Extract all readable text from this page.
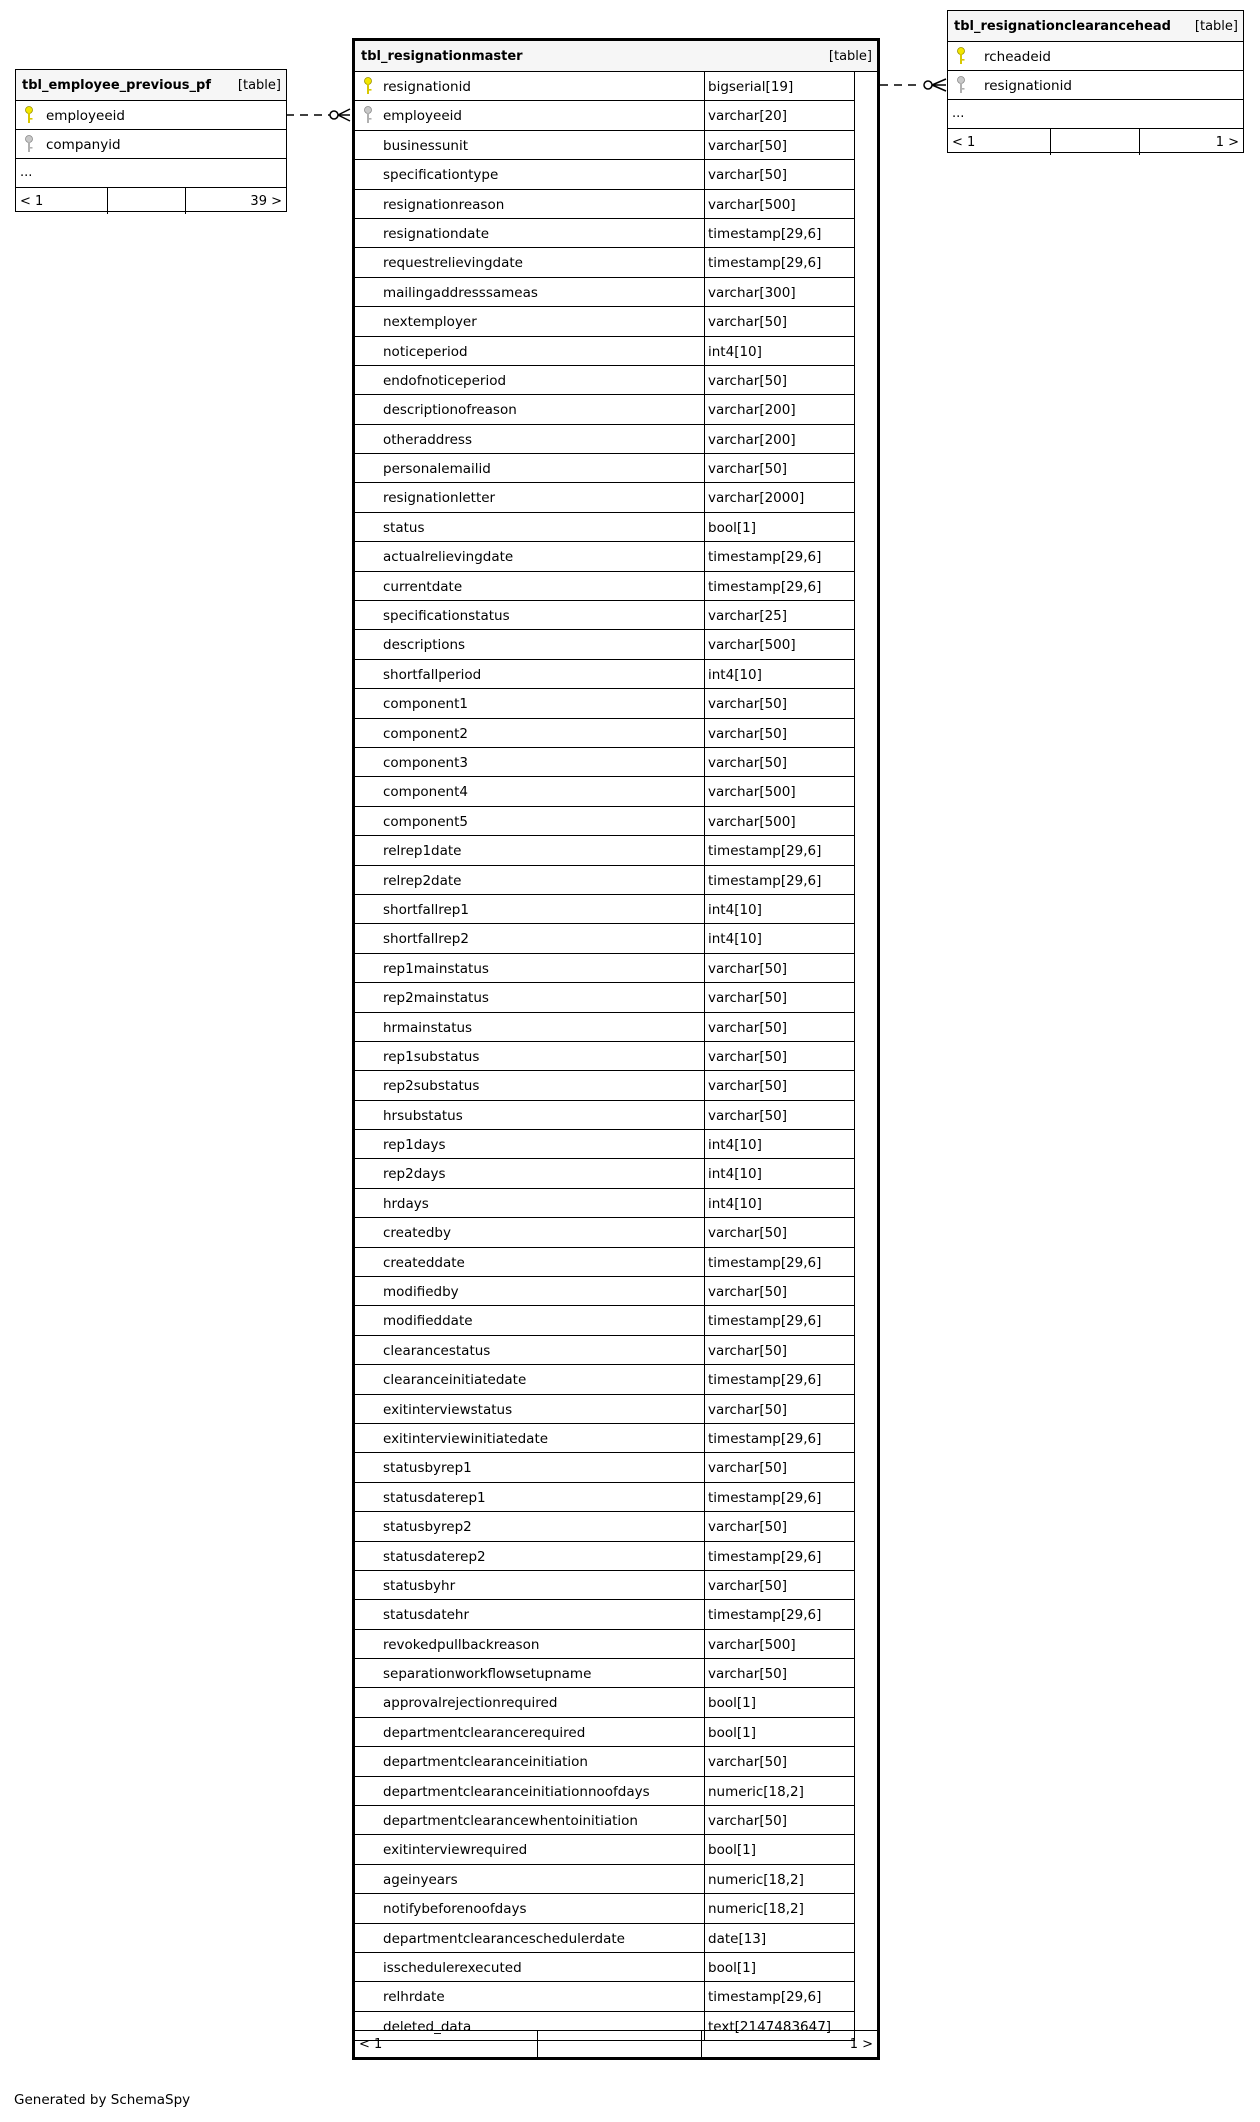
tbl_employee_previous_pf [table]
employeeid
companyid
...
< 1	39 >
tbl_resignationmaster	[table]
resignationid	bigserial[19]
employeeid	varchar[20]
businessunit	varchar[50]
specificationtype	varchar[50]
resignationreason	varchar[500]
resignationdate	timestamp[29,6]
requestrelievingdate	timestamp[29,6]
mailingaddresssameas	varchar[300]
nextemployer	varchar[50]
noticeperiod	int4[10]
endofnoticeperiod	varchar[50]
descriptionofreason	varchar[200]
otheraddress	varchar[200]
personalemailid	varchar[50]
resignationletter	varchar[2000]
status	bool[1]
actualrelievingdate	timestamp[29,6]
currentdate	timestamp[29,6]
specificationstatus	varchar[25]
descriptions	varchar[500]
shortfallperiod	int4[10]
component1	varchar[50]
component2	varchar[50]
component3	varchar[50]
component4	varchar[500]
component5	varchar[500]
relrep1date	timestamp[29,6]
relrep2date	timestamp[29,6]
shortfallrep1	int4[10]
shortfallrep2	int4[10]
rep1mainstatus	varchar[50]
rep2mainstatus	varchar[50]
hrmainstatus	varchar[50]
rep1substatus	varchar[50]
rep2substatus	varchar[50]
hrsubstatus	varchar[50]
rep1days	int4[10]
rep2days	int4[10]
hrdays	int4[10]
createdby	varchar[50]
createddate	timestamp[29,6]
modifiedby	varchar[50]
modifieddate	timestamp[29,6]
clearancestatus	varchar[50]
clearanceinitiatedate	timestamp[29,6]
exitinterviewstatus	varchar[50]
exitinterviewinitiatedate	timestamp[29,6]
statusbyrep1	varchar[50]
statusdaterep1	timestamp[29,6]
statusbyrep2	varchar[50]
statusdaterep2	timestamp[29,6]
statusbyhr	varchar[50]
statusdatehr	timestamp[29,6]
revokedpullbackreason	varchar[500]
separationworkflowsetupname	varchar[50]
approvalrejectionrequired	bool[1]
departmentclearancerequired	bool[1]
departmentclearanceinitiation	varchar[50]
departmentclearanceinitiationnoofdays	numeric[18,2]
departmentclearancewhentoinitiation	varchar[50]
exitinterviewrequired	bool[1]
ageinyears	numeric[18,2]
notifybeforenoofdays	numeric[18,2]
departmentclearanceschedulerdate	date[13]
isschedulerexecuted	bool[1]
relhrdate	timestamp[29,6]
deleted_data	text[2147483647]
< 1	1 >
tbl_resignationclearancehead [table]
rcheadeid
resignationid
...
< 1	1 >
Generated by SchemaSpy
